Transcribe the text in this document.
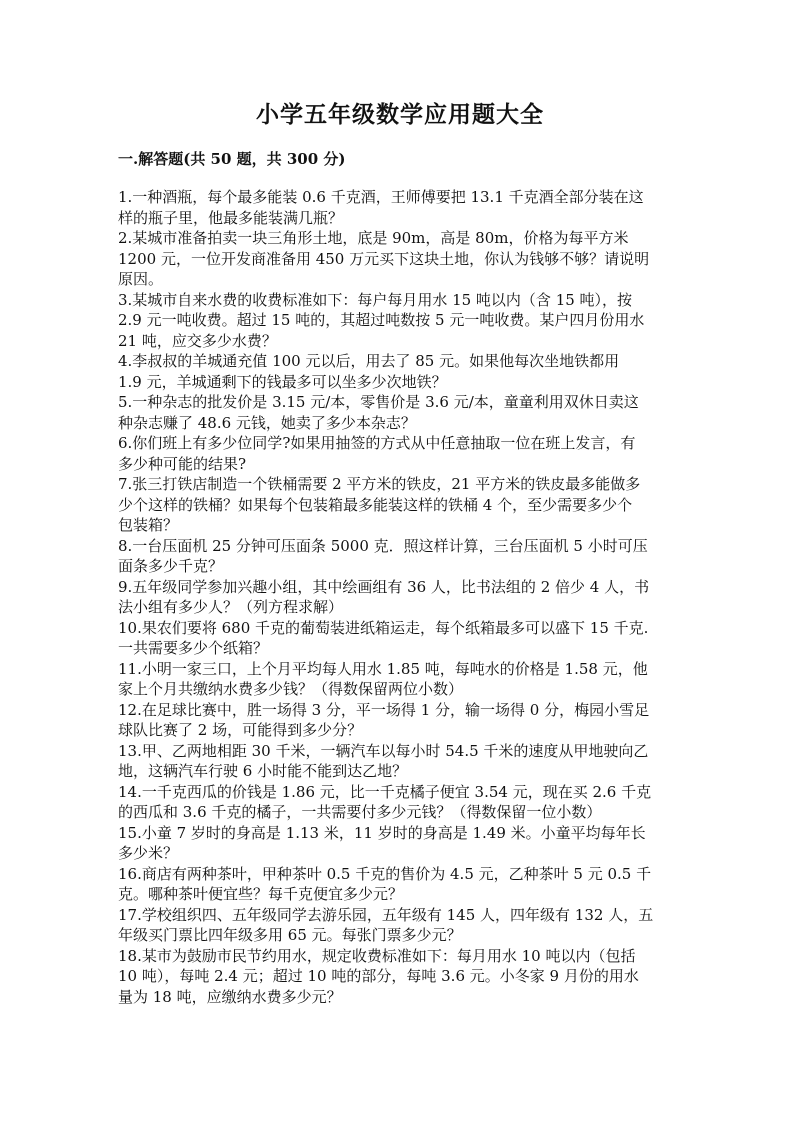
小学五年级数学应用题大全
一.解答题(共 50 题，共 300 分)
1.一种酒瓶，每个最多能装 0.6 千克酒，王师傅要把 13.1 千克酒全部分装在这
样的瓶子里，他最多能装满几瓶？
2.某城市准备拍卖一块三角形土地，底是 90m，高是 80m，价格为每平方米
1200 元，一位开发商准备用 450 万元买下这块土地，你认为钱够不够？请说明
原因。
3.某城市自来水费的收费标准如下：每户每月用水 15 吨以内（含 15 吨），按
2.9 元一吨收费。超过 15 吨的，其超过吨数按 5 元一吨收费。某户四月份用水
21 吨，应交多少水费？
4.李叔叔的羊城通充值 100 元以后，用去了 85 元。如果他每次坐地铁都用
1.9 元，羊城通剩下的钱最多可以坐多少次地铁？
5.一种杂志的批发价是 3.15 元/本，零售价是 3.6 元/本，童童利用双休日卖这
种杂志赚了 48.6 元钱，她卖了多少本杂志？
6.你们班上有多少位同学?如果用抽签的方式从中任意抽取一位在班上发言，有
多少种可能的结果?
7.张三打铁店制造一个铁桶需要 2 平方米的铁皮，21 平方米的铁皮最多能做多
少个这样的铁桶？如果每个包装箱最多能装这样的铁桶 4 个，至少需要多少个
包装箱？
8.一台压面机 25 分钟可压面条 5000 克．照这样计算，三台压面机 5 小时可压
面条多少千克？
9.五年级同学参加兴趣小组，其中绘画组有 36 人，比书法组的 2 倍少 4 人，书
法小组有多少人？（列方程求解）
10.果农们要将 680 千克的葡萄装进纸箱运走，每个纸箱最多可以盛下 15 千克.
一共需要多少个纸箱？
11.小明一家三口，上个月平均每人用水 1.85 吨，每吨水的价格是 1.58 元，他
家上个月共缴纳水费多少钱？（得数保留两位小数）
12.在足球比赛中，胜一场得 3 分，平一场得 1 分，输一场得 0 分，梅园小雪足
球队比赛了 2 场，可能得到多少分？
13.甲、乙两地相距 30 千米，一辆汽车以每小时 54.5 千米的速度从甲地驶向乙
地，这辆汽车行驶 6 小时能不能到达乙地？
14.一千克西瓜的价钱是 1.86 元，比一千克橘子便宜 3.54 元，现在买 2.6 千克
的西瓜和 3.6 千克的橘子，一共需要付多少元钱？（得数保留一位小数）
15.小童 7 岁时的身高是 1.13 米，11 岁时的身高是 1.49 米。小童平均每年长
多少米？
16.商店有两种茶叶，甲种茶叶 0.5 千克的售价为 4.5 元，乙种茶叶 5 元 0.5 千
克。哪种茶叶便宜些？每千克便宜多少元？
17.学校组织四、五年级同学去游乐园，五年级有 145 人，四年级有 132 人，五
年级买门票比四年级多用 65 元。每张门票多少元？
18.某市为鼓励市民节约用水，规定收费标准如下：每月用水 10 吨以内（包括
10 吨），每吨 2.4 元；超过 10 吨的部分，每吨 3.6 元。小冬家 9 月份的用水
量为 18 吨，应缴纳水费多少元？
